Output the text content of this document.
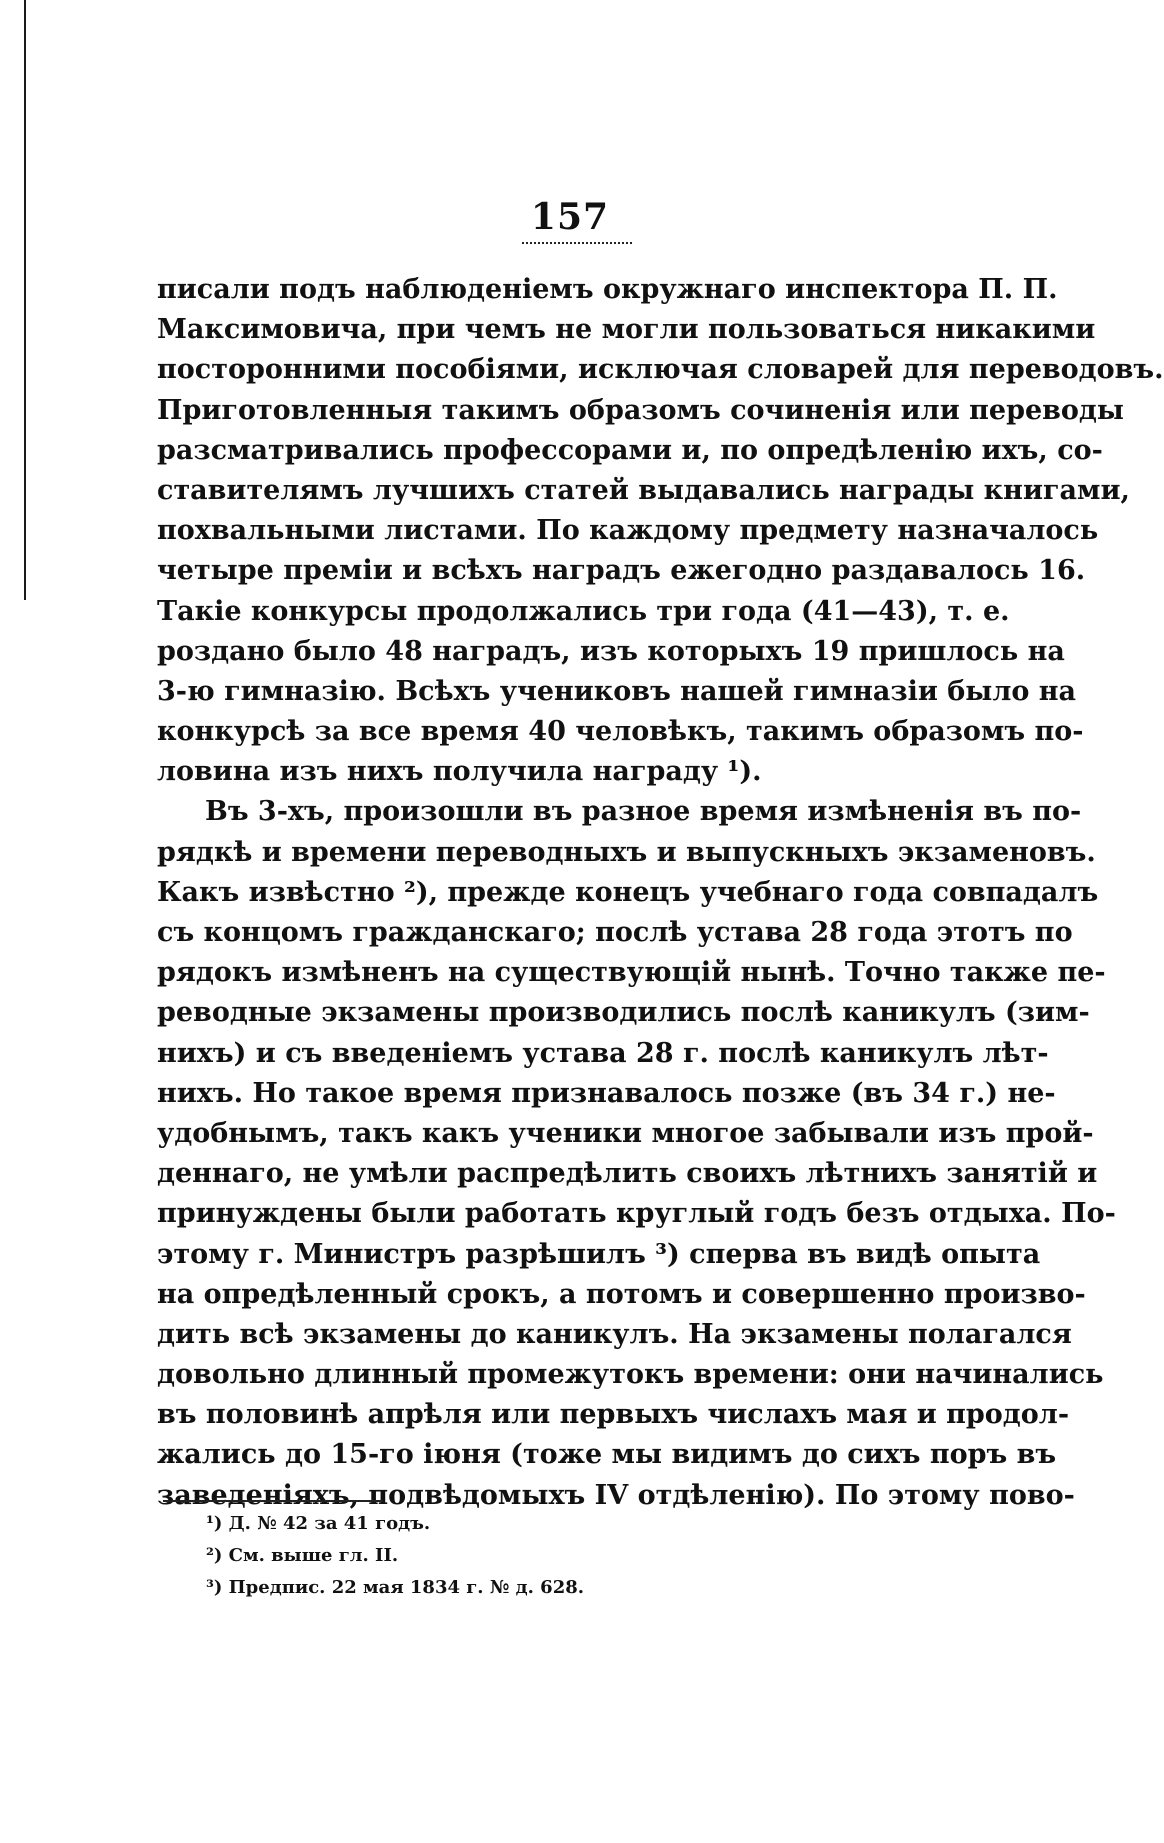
157
писали подъ наблюденіемъ окружнаго инспектора П. П.
Максимовича, при чемъ не могли пользоваться никакими
посторонними пособіями, исключая словарей для переводовъ.
Приготовленныя такимъ образомъ сочиненія или переводы
разсматривались профессорами и, по опредѣленію ихъ, со-
ставителямъ лучшихъ статей выдавались награды книгами,
похвальными листами. По каждому предмету назначалось
четыре преміи и всѣхъ наградъ ежегодно раздавалось 16.
Такіе конкурсы продолжались три года (41—43), т. е.
роздано было 48 наградъ, изъ которыхъ 19 пришлось на
3-ю гимназію. Всѣхъ учениковъ нашей гимназіи было на
конкурсѣ за все время 40 человѣкъ, такимъ образомъ по-
ловина изъ нихъ получила награду ¹).
Въ 3-хъ, произошли въ разное время измѣненія въ по-
рядкѣ и времени переводныхъ и выпускныхъ экзаменовъ.
Какъ извѣстно ²), прежде конецъ учебнаго года совпадалъ
съ концомъ гражданскаго; послѣ устава 28 года этотъ по
рядокъ измѣненъ на существующій нынѣ. Точно также пе-
реводные экзамены производились послѣ каникулъ (зим-
нихъ) и съ введеніемъ устава 28 г. послѣ каникулъ лѣт-
нихъ. Но такое время признавалось позже (въ 34 г.) не-
удобнымъ, такъ какъ ученики многое забывали изъ прой-
деннаго, не умѣли распредѣлить своихъ лѣтнихъ занятій и
принуждены были работать круглый годъ безъ отдыха. По-
этому г. Министръ разрѣшилъ ³) сперва въ видѣ опыта
на опредѣленный срокъ, а потомъ и совершенно произво-
дить всѣ экзамены до каникулъ. На экзамены полагался
довольно длинный промежутокъ времени: они начинались
въ половинѣ апрѣля или первыхъ числахъ мая и продол-
жались до 15-го іюня (тоже мы видимъ до сихъ поръ въ
заведеніяхъ, подвѣдомыхъ IV отдѣленію). По этому пово-
¹) Д. № 42 за 41 годъ.
²) См. выше гл. II.
³) Предпис. 22 мая 1834 г. № д. 628.
